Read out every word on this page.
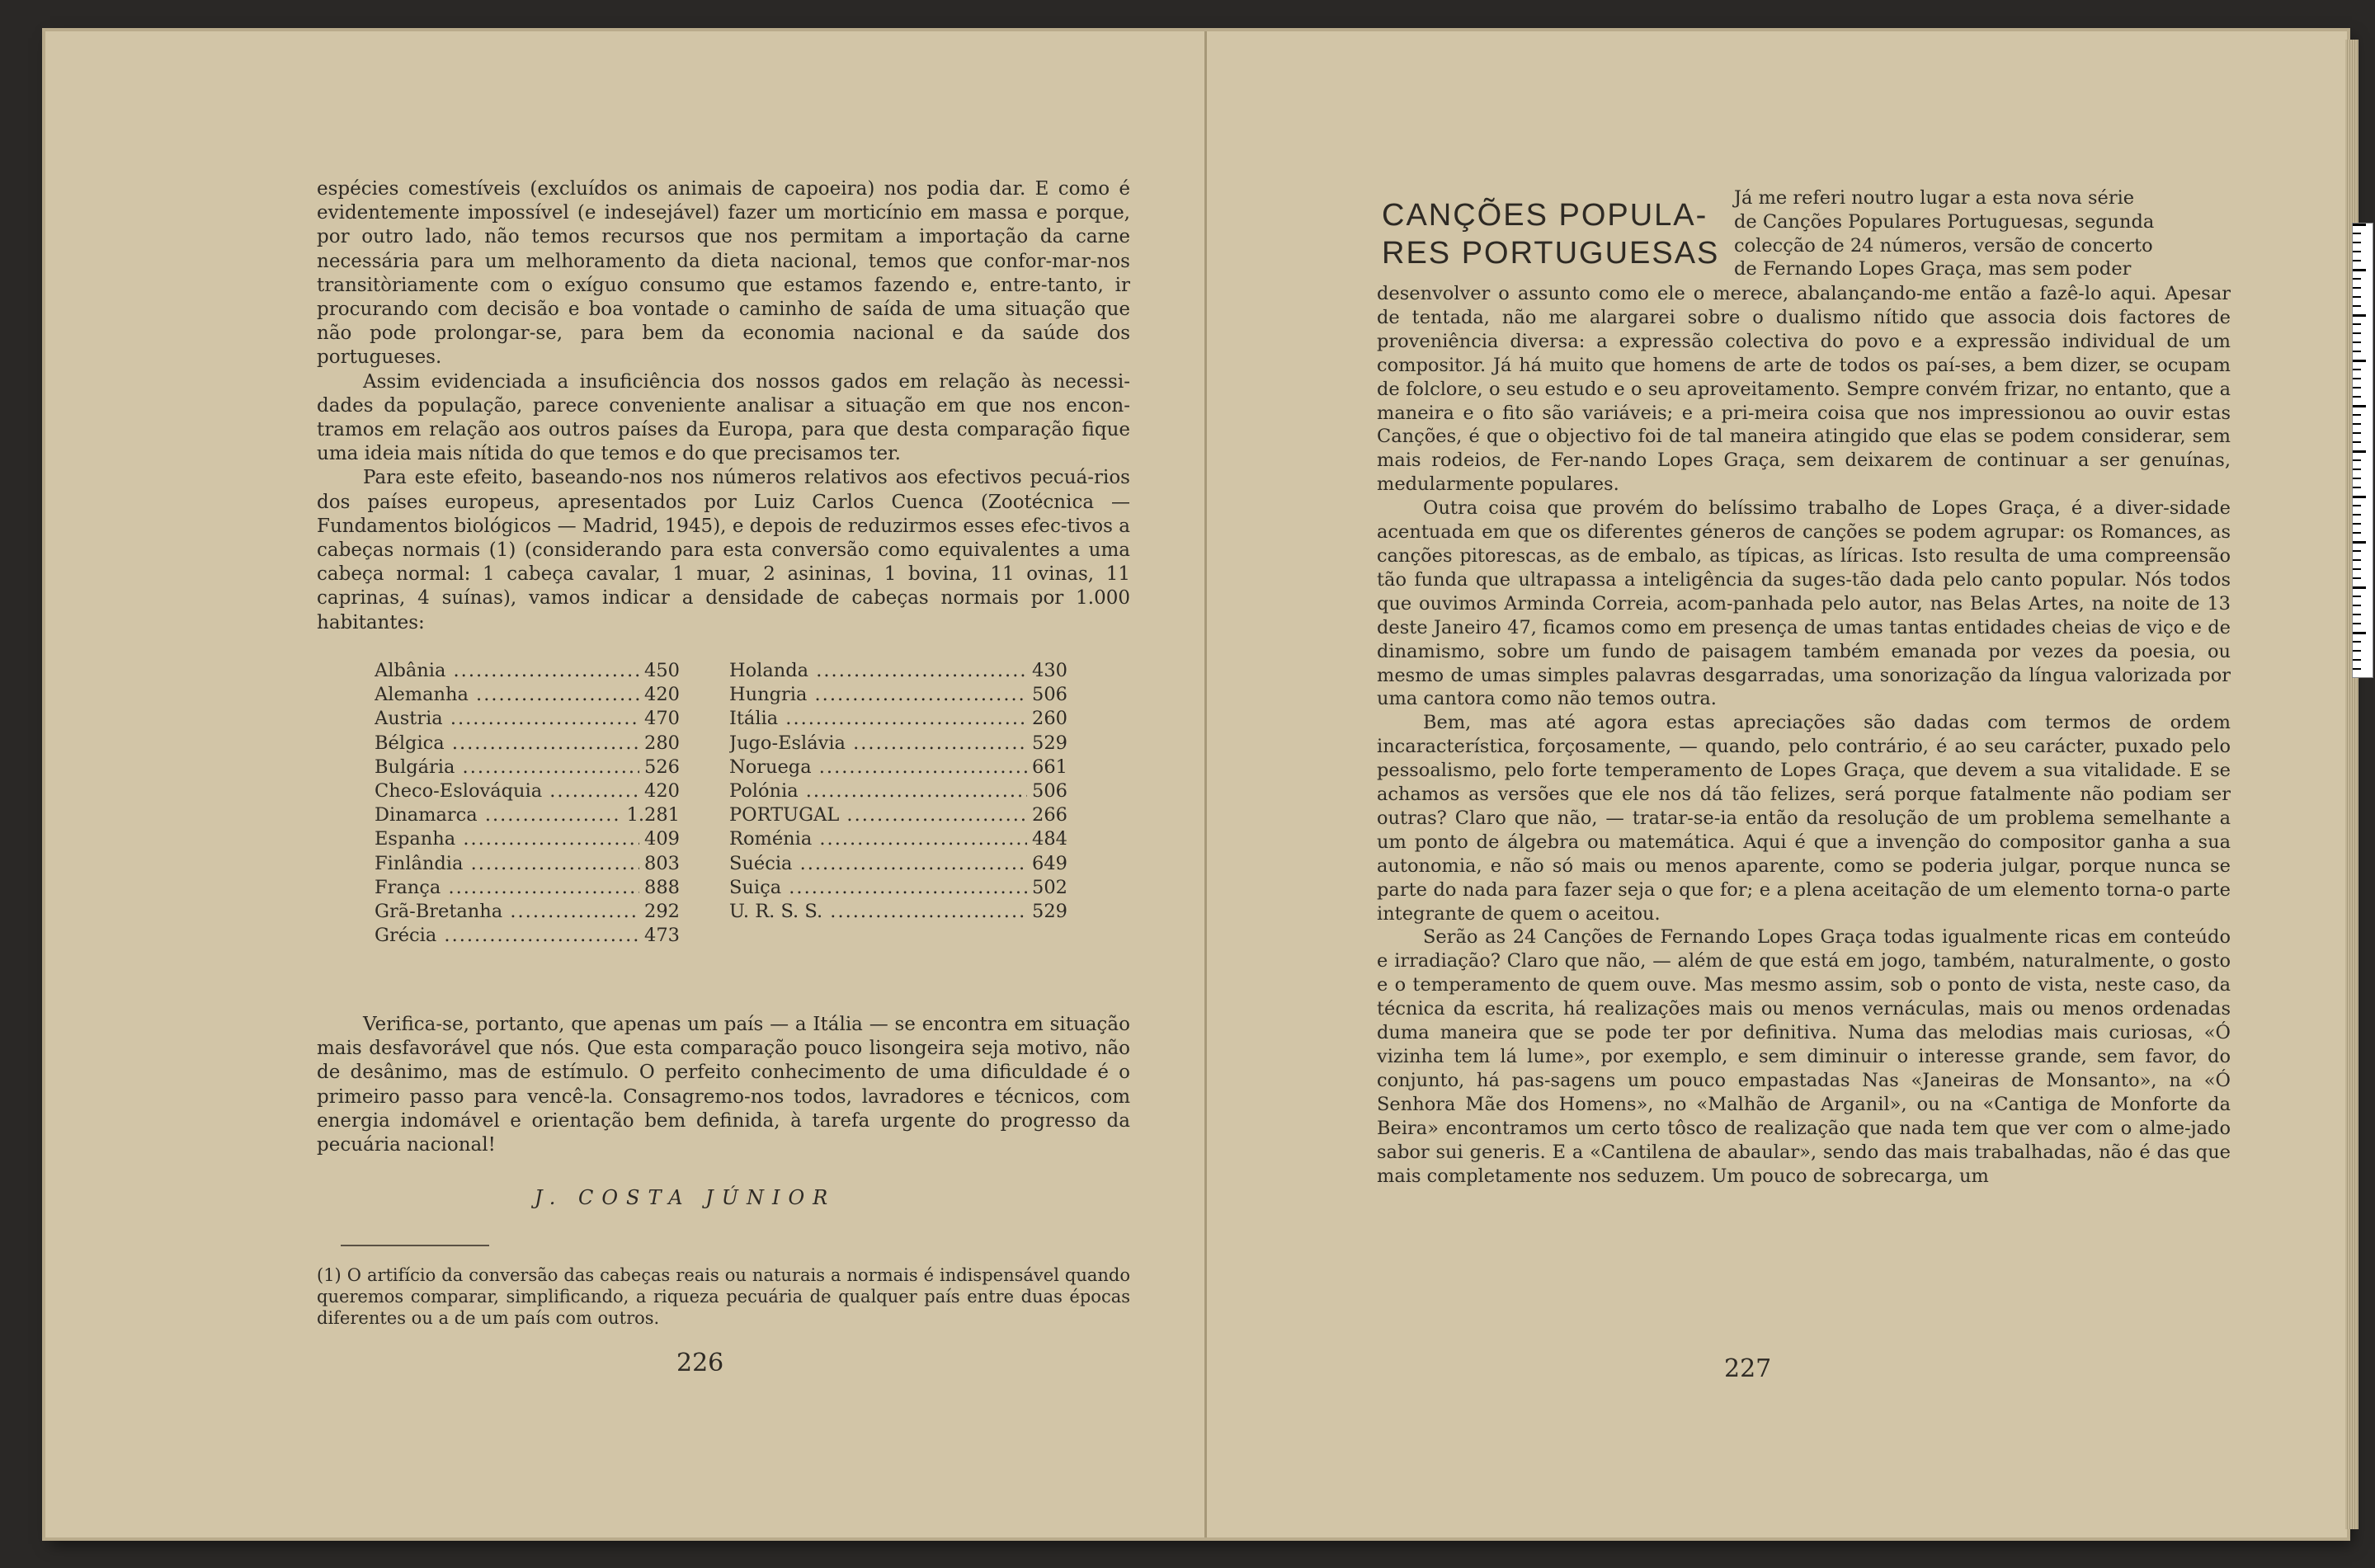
espécies comestíveis (excluídos os animais de capoeira) nos podia dar. E como é evidentemente impossível (e indesejável) fazer um morticínio em massa e porque, por outro lado, não temos recursos que nos permitam a importação da carne necessária para um melhoramento da dieta nacional, temos que confor-mar-nos transitòriamente com o exíguo consumo que estamos fazendo e, entre-tanto, ir procurando com decisão e boa vontade o caminho de saída de uma situação que não pode prolongar-se, para bem da economia nacional e da saúde dos portugueses.

Assim evidenciada a insuficiência dos nossos gados em relação às necessi-dades da população, parece conveniente analisar a situação em que nos encon-tramos em relação aos outros países da Europa, para que desta comparação fique uma ideia mais nítida do que temos e do que precisamos ter.

Para este efeito, baseando-nos nos números relativos aos efectivos pecuá-rios dos países europeus, apresentados por Luiz Carlos Cuenca (Zootécnica — Fundamentos biológicos — Madrid, 1945), e depois de reduzirmos esses efec-tivos a cabeças normais (1) (considerando para esta conversão como equivalentes a uma cabeça normal: 1 cabeça cavalar, 1 muar, 2 asininas, 1 bovina, 11 ovinas, 11 caprinas, 4 suínas), vamos indicar a densidade de cabeças normais por 1.000 habitantes:

Albânia .....	450
Alemanha .....	420
Austria .....	470
Bélgica .....	280
Bulgária .....	526
Checo-Eslováquia .....	420
Dinamarca .....	1.281
Espanha .....	409
Finlândia .....	803
França .....	888
Grã-Bretanha .....	292
Grécia .....	473
Holanda .....	430
Hungria .....	506
Itália .....	260
Jugo-Eslávia .....	529
Noruega .....	661
Polónia .....	506
PORTUGAL .....	266
Roménia .....	484
Suécia .....	649
Suiça .....	502
U. R. S. S. .....	529

Verifica-se, portanto, que apenas um país — a Itália — se encontra em situação mais desfavorável que nós. Que esta comparação pouco lisongeira seja motivo, não de desânimo, mas de estímulo. O perfeito conhecimento de uma dificuldade é o primeiro passo para vencê-la. Consagremo-nos todos, lavradores e técnicos, com energia indomável e orientação bem definida, à tarefa urgente do progresso da pecuária nacional!

J. COSTA JÚNIOR
(1) O artifício da conversão das cabeças reais ou naturais a normais é indispensável quando queremos comparar, simplificando, a riqueza pecuária de qualquer país entre duas épocas diferentes ou a de um país com outros.
226
CANÇÕES POPULA-
RES PORTUGUESAS
Já me referi noutro lugar a esta nova série
de Canções Populares Portuguesas, segunda
colecção de 24 números, versão de concerto
de Fernando Lopes Graça, mas sem poder

desenvolver o assunto como ele o merece, abalançando-me então a fazê-lo aqui. Apesar de tentada, não me alargarei sobre o dualismo nítido que associa dois factores de proveniência diversa: a expressão colectiva do povo e a expressão individual de um compositor. Já há muito que homens de arte de todos os paí-ses, a bem dizer, se ocupam de folclore, o seu estudo e o seu aproveitamento. Sempre convém frizar, no entanto, que a maneira e o fito são variáveis; e a pri-meira coisa que nos impressionou ao ouvir estas Canções, é que o objectivo foi de tal maneira atingido que elas se podem considerar, sem mais rodeios, de Fer-nando Lopes Graça, sem deixarem de continuar a ser genuínas, medularmente populares.

Outra coisa que provém do belíssimo trabalho de Lopes Graça, é a diver-sidade acentuada em que os diferentes géneros de canções se podem agrupar: os Romances, as canções pitorescas, as de embalo, as típicas, as líricas. Isto resulta de uma compreensão tão funda que ultrapassa a inteligência da suges-tão dada pelo canto popular. Nós todos que ouvimos Arminda Correia, acom-panhada pelo autor, nas Belas Artes, na noite de 13 deste Janeiro 47, ficamos como em presença de umas tantas entidades cheias de viço e de dinamismo, sobre um fundo de paisagem também emanada por vezes da poesia, ou mesmo de umas simples palavras desgarradas, uma sonorização da língua valorizada por uma cantora como não temos outra.

Bem, mas até agora estas apreciações são dadas com termos de ordem incaracterística, forçosamente, — quando, pelo contrário, é ao seu carácter, puxado pelo pessoalismo, pelo forte temperamento de Lopes Graça, que devem a sua vitalidade. E se achamos as versões que ele nos dá tão felizes, será porque fatalmente não podiam ser outras? Claro que não, — tratar-se-ia então da resolução de um problema semelhante a um ponto de álgebra ou matemática. Aqui é que a invenção do compositor ganha a sua autonomia, e não só mais ou menos aparente, como se poderia julgar, porque nunca se parte do nada para fazer seja o que for; e a plena aceitação de um elemento torna-o parte integrante de quem o aceitou.

Serão as 24 Canções de Fernando Lopes Graça todas igualmente ricas em conteúdo e irradiação? Claro que não, — além de que está em jogo, também, naturalmente, o gosto e o temperamento de quem ouve. Mas mesmo assim, sob o ponto de vista, neste caso, da técnica da escrita, há realizações mais ou menos vernáculas, mais ou menos ordenadas duma maneira que se pode ter por definitiva. Numa das melodias mais curiosas, «Ó vizinha tem lá lume», por exemplo, e sem diminuir o interesse grande, sem favor, do conjunto, há pas-sagens um pouco empastadas Nas «Janeiras de Monsanto», na «Ó Senhora Mãe dos Homens», no «Malhão de Arganil», ou na «Cantiga de Monforte da Beira» encontramos um certo tôsco de realização que nada tem que ver com o alme-jado sabor sui generis. E a «Cantilena de abaular», sendo das mais trabalhadas, não é das que mais completamente nos seduzem. Um pouco de sobrecarga, um

227
